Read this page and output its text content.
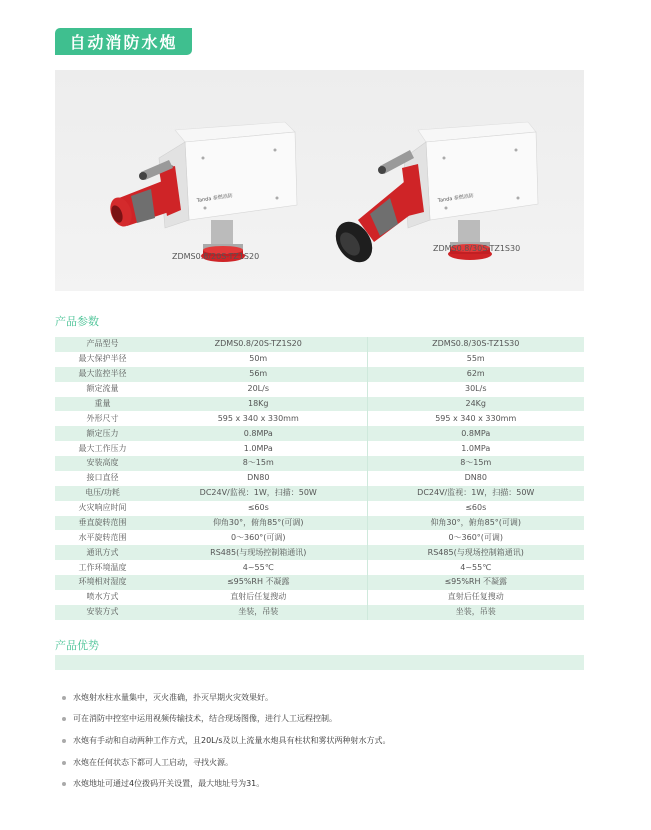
自动消防水炮
Tanda 泰燃消防
ZDMS0.8/20S-TZ1S20
Tanda 泰燃消防
ZDMS0.8/30S-TZ1S30
产品参数
产品型号	ZDMS0.8/20S-TZ1S20	ZDMS0.8/30S-TZ1S30
最大保护半径	50m	55m
最大监控半径	56m	62m
额定流量	20L/s	30L/s
重量	18Kg	24Kg
外形尺寸	595 x 340 x 330mm	595 x 340 x 330mm
额定压力	0.8MPa	0.8MPa
最大工作压力	1.0MPa	1.0MPa
安装高度	8～15m	8～15m
接口直径	DN80	DN80
电压/功耗	DC24V/监视：1W，扫描：50W	DC24V/监视：1W，扫描：50W
火灾响应时间	≤60s	≤60s
垂直旋转范围	仰角30°，俯角85°(可调)	仰角30°，俯角85°(可调)
水平旋转范围	0～360°(可调)	0～360°(可调)
通讯方式	RS485(与现场控制箱通讯)	RS485(与现场控制箱通讯)
工作环境温度	4~55℃	4~55℃
环境相对湿度	≤95%RH 不凝露	≤95%RH 不凝露
喷水方式	直射后任复搜动	直射后任复搜动
安装方式	坐装，吊装	坐装，吊装
产品优势
水炮射水柱水量集中，灭火准确，扑灭早期火灾效果好。
可在消防中控室中运用视频传输技术，结合现场图像，进行人工远程控制。
水炮有手动和自动两种工作方式，且20L/s及以上流量水炮具有柱状和雾状两种射水方式。
水炮在任何状态下都可人工启动，寻找火源。
水炮地址可通过4位拨码开关设置，最大地址号为31。
